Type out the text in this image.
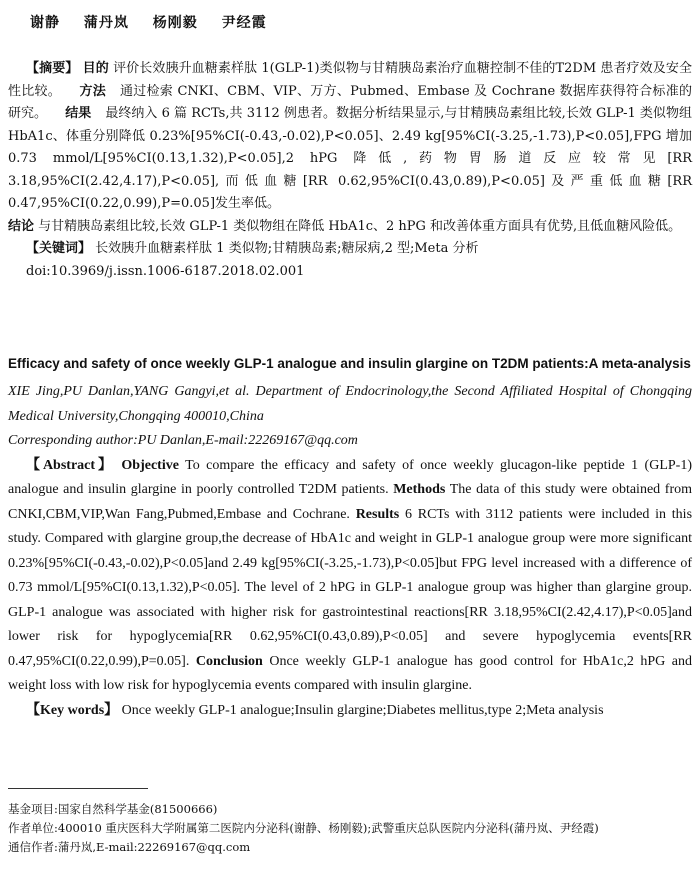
谢静 蒲丹岚 杨刚毅 尹经霞
【摘要】 目的 评价长效胰升血糖素样肽 1(GLP-1)类似物与甘精胰岛素治疗血糖控制不佳的T2DM 患者疗效及安全性比较。 方法 通过检索 CNKI、CBM、VIP、万方、Pubmed、Embase 及 Cochrane 数据库获得符合标准的研究。 结果 最终纳入 6 篇 RCTs,共 3112 例患者。数据分析结果显示,与甘精胰岛素组比较,长效 GLP-1 类似物组 HbA1c、体重分别降低 0.23%[95%CI(-0.43,-0.02),P<0.05]、2.49 kg[95%CI(-3.25,-1.73),P<0.05],FPG 增加 0.73 mmol/L[95%CI(0.13,1.32),P<0.05],2 hPG 降低,药物胃肠道反应较常见[RR 3.18,95%CI(2.42,4.17),P<0.05],而低血糖[RR 0.62,95%CI(0.43,0.89),P<0.05]及严重低血糖[RR 0.47,95%CI(0.22,0.99),P=0.05]发生率低。
结论 与甘精胰岛素组比较,长效 GLP-1 类似物组在降低 HbA1c、2 hPG 和改善体重方面具有优势,且低血糖风险低。
【关键词】 长效胰升血糖素样肽 1 类似物;甘精胰岛素;糖尿病,2 型;Meta 分析
doi:10.3969/j.issn.1006-6187.2018.02.001
Efficacy and safety of once weekly GLP-1 analogue and insulin glargine on T2DM patients:A meta-analysis
XIE Jing,PU Danlan,YANG Gangyi,et al. Department of Endocrinology,the Second Affiliated Hospital of Chongqing Medical University,Chongqing 400010,China
Corresponding author:PU Danlan,E-mail:22269167@qq.com
【Abstract】 Objective To compare the efficacy and safety of once weekly glucagon-like peptide 1 (GLP-1) analogue and insulin glargine in poorly controlled T2DM patients. Methods The data of this study were obtained from CNKI,CBM,VIP,Wan Fang,Pubmed,Embase and Cochrane. Results 6 RCTs with 3112 patients were included in this study. Compared with glargine group,the decrease of HbA1c and weight in GLP-1 analogue group were more significant 0.23%[95%CI(-0.43,-0.02),P<0.05]and 2.49 kg[95%CI(-3.25,-1.73),P<0.05]but FPG level increased with a difference of 0.73 mmol/L[95%CI(0.13,1.32),P<0.05]. The level of 2 hPG in GLP-1 analogue group was higher than glargine group. GLP-1 analogue was associated with higher risk for gastrointestinal reactions[RR 3.18,95%CI(2.42,4.17),P<0.05]and lower risk for hypoglycemia[RR 0.62,95%CI(0.43,0.89),P<0.05] and severe hypoglycemia events[RR 0.47,95%CI(0.22,0.99),P=0.05]. Conclusion Once weekly GLP-1 analogue has good control for HbA1c,2 hPG and weight loss with low risk for hypoglycemia events compared with insulin glargine.
【Key words】 Once weekly GLP-1 analogue;Insulin glargine;Diabetes mellitus,type 2;Meta analysis
基金项目:国家自然科学基金(81500666)
作者单位:400010 重庆医科大学附属第二医院内分泌科(谢静、杨刚毅);武警重庆总队医院内分泌科(蒲丹岚、尹经霞)
通信作者:蒲丹岚,E-mail:22269167@qq.com
